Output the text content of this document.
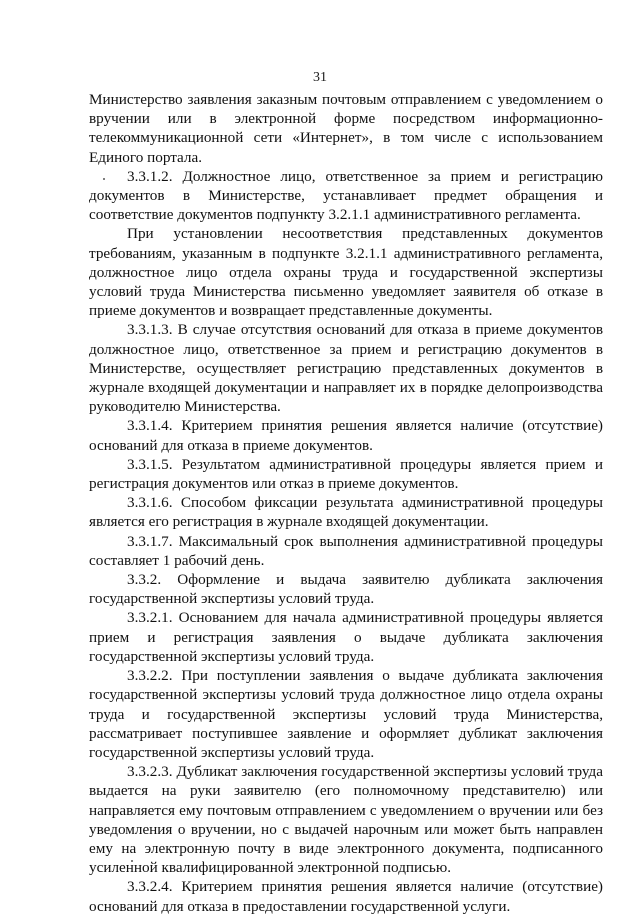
31

Министерство заявления заказным почтовым отправлением с уведомлением о вручении или в электронной форме посредством информационно-телекоммуникационной сети «Интернет», в том числе с использованием Единого портала.

3.3.1.2. Должностное лицо, ответственное за прием и регистрацию документов в Министерстве, устанавливает предмет обращения и соответствие документов подпункту 3.2.1.1 административного регламента.

При установлении несоответствия представленных документов требованиям, указанным в подпункте 3.2.1.1 административного регламента, должностное лицо отдела охраны труда и государственной экспертизы условий труда Министерства письменно уведомляет заявителя об отказе в приеме документов и возвращает представленные документы.

3.3.1.3. В случае отсутствия оснований для отказа в приеме документов должностное лицо, ответственное за прием и регистрацию документов в Министерстве, осуществляет регистрацию представленных документов в журнале входящей документации и направляет их в порядке делопроизводства руководителю Министерства.

3.3.1.4. Критерием принятия решения является наличие (отсутствие) оснований для отказа в приеме документов.

3.3.1.5. Результатом административной процедуры является прием и регистрация документов или отказ в приеме документов.

3.3.1.6. Способом фиксации результата административной процедуры является его регистрация в журнале входящей документации.

3.3.1.7. Максимальный срок выполнения административной процедуры составляет 1 рабочий день.

3.3.2. Оформление и выдача заявителю дубликата заключения государственной экспертизы условий труда.

3.3.2.1. Основанием для начала административной процедуры является прием и регистрация заявления о выдаче дубликата заключения государственной экспертизы условий труда.

3.3.2.2. При поступлении заявления о выдаче дубликата заключения государственной экспертизы условий труда должностное лицо отдела охраны труда и государственной экспертизы условий труда Министерства, рассматривает поступившее заявление и оформляет дубликат заключения государственной экспертизы условий труда.

3.3.2.3. Дубликат заключения государственной экспертизы условий труда выдается на руки заявителю (его полномочному представителю) или направляется ему почтовым отправлением с уведомлением о вручении или без уведомления о вручении, но с выдачей нарочным или может быть направлен ему на электронную почту в виде электронного документа, подписанного усиленной квалифицированной электронной подписью.

3.3.2.4. Критерием принятия решения является наличие (отсутствие) оснований для отказа в предоставлении государственной услуги.
